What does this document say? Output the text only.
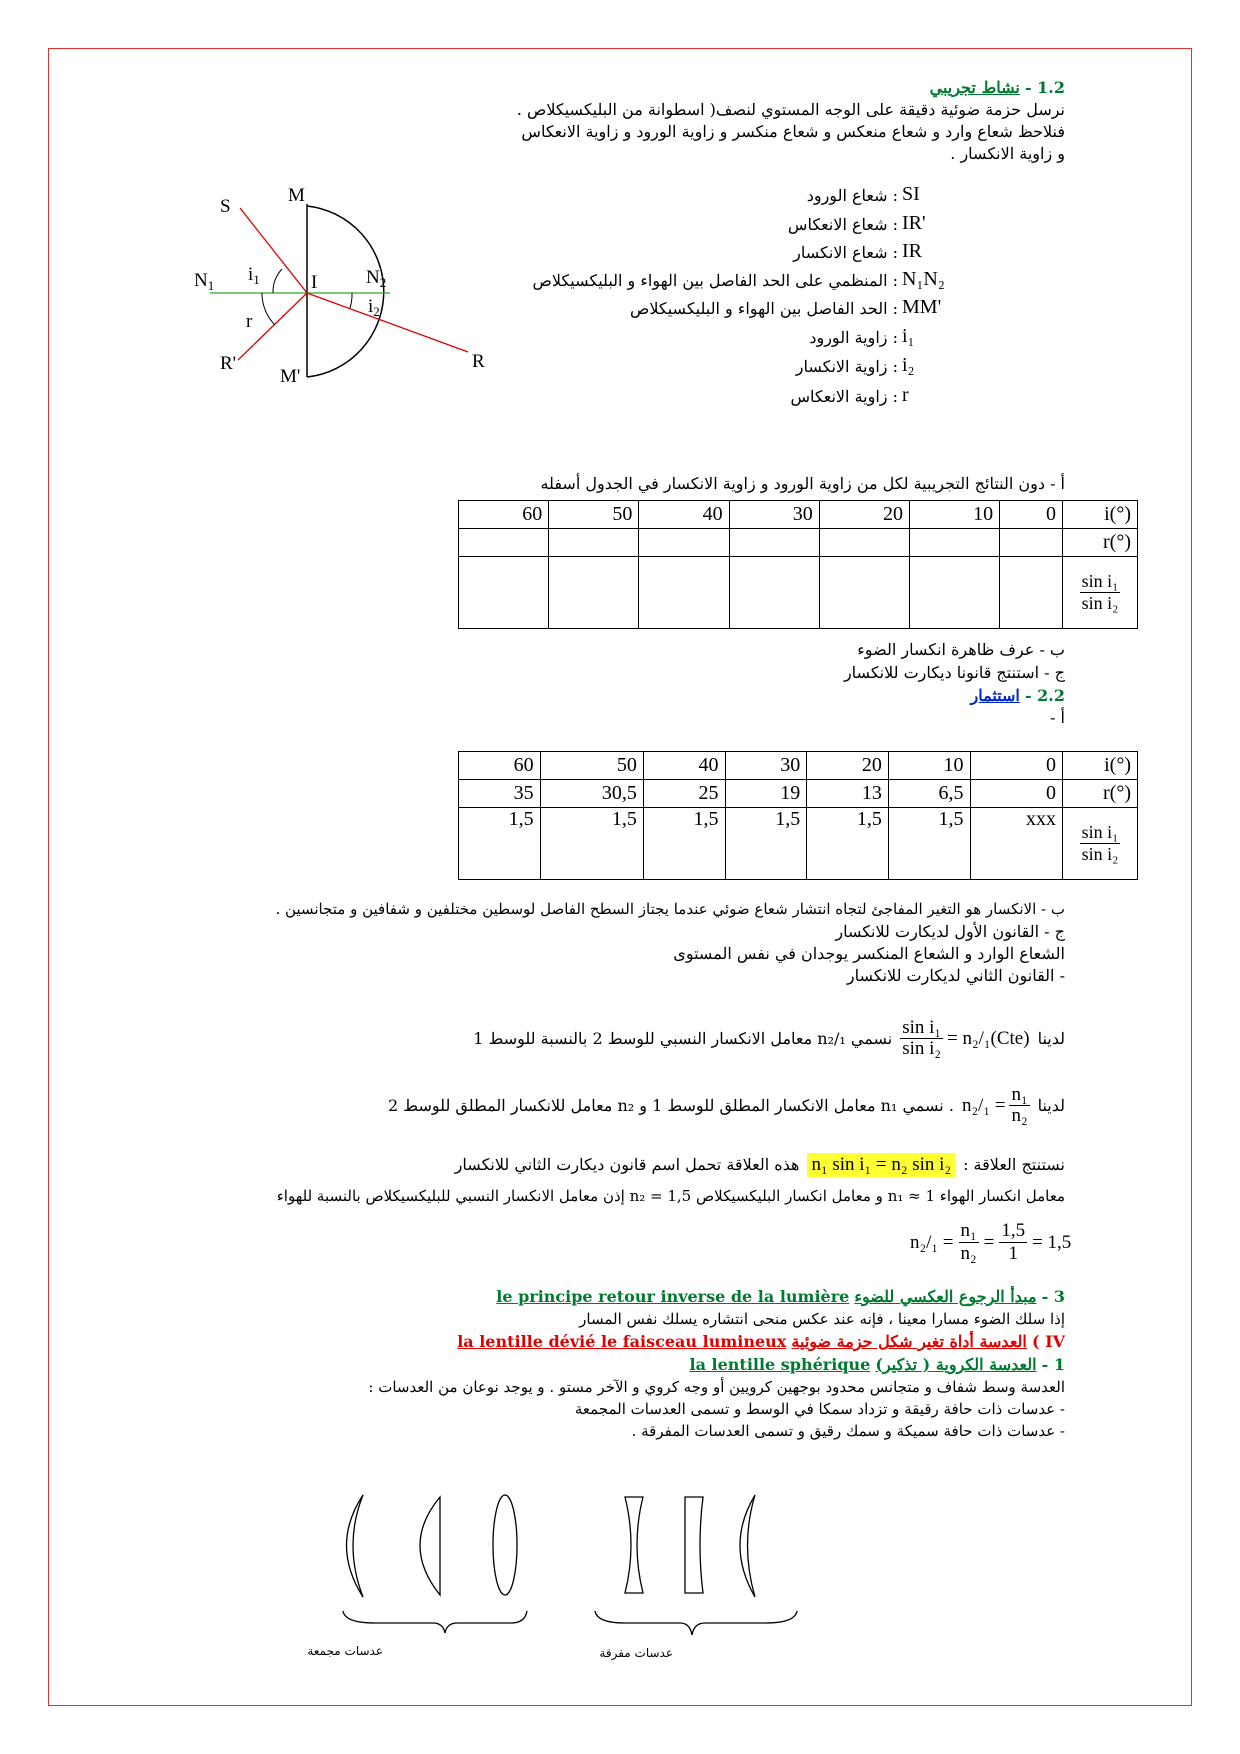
1.2 - نشاط تجريبي
نرسل حزمة ضوئية دقيقة على الوجه المستوي لنصف( اسطوانة من البليكسيكلاص .
فنلاحظ شعاع وارد و شعاع منعكس و شعاع منكسر و زاوية الورود و زاوية الانعكاس
و زاوية الانكسار .
S
M
$N_1$
$i_1$	I	$N_2$
$i_2$
r
R'
M'
R
SI
: شعاع الورود
IR'
: شعاع الانعكاس
IR
: شعاع الانكسار
N₁N₂
: المنظمي على الحد الفاصل بين الهواء و البليكسيكلاص
MM'
: الحد الفاصل بين الهواء و البليكسيكلاص
i₁
: زاوية الورود
i₂
: زاوية الانكسار
r
: زاوية الانعكاس
أ - دون النتائج التجريبية لكل من زاوية الورود و زاوية الانكسار في الجدول أسفله
60	50	40	30	20	10	0	i(°)
							r(°)

							$\frac{\text{sin i₁}}{\text{sin i₂}}$
ب - عرف ظاهرة انكسار الضوء
ج - استنتج قانونا ديكارت للانكسار
2.2 - استثمار
أ -
60	50	40	30	20	10	0	i(°)
35	30,5	25	19	13	6,5	0	r(°)
1,5	1,5	1,5	1,5	1,5	1,5	xxx	$\frac{\text{sin i₁}}{\text{sin i₂}}$
ب - الانكسار هو التغير المفاجئ لتجاه انتشار شعاع ضوئي عندما يجتاز السطح الفاصل لوسطين مختلفين و شفافين و متجانسين .
ج - القانون الأول لديكارت للانكسار
الشعاع الوارد و الشعاع المنكسر يوجدان في نفس المستوى
- القانون الثاني لديكارت للانكسار
لدينا
$\frac{\text{sin i₁}}{\text{sin i₂}} = n_2/_1(Cte)$
نسمي n₂/₁ معامل الانكسار النسبي للوسط 2 بالنسبة للوسط 1
لدينا
$n_2/_1 = \frac{\text{n₁}}{\text{n₂}}$
. نسمي n₁ معامل الانكسار المطلق للوسط 1 و n₂ معامل للانكسار المطلق للوسط 2
نستنتج العلاقة :
n₁ sin i₁ = n₂ sin i₂
هذه العلاقة تحمل اسم قانون ديكارت الثاني للانكسار
معامل انكسار الهواء n₁ ≈ 1 و معامل انكسار البليكسيكلاص n₂ = 1,5 إذن معامل الانكسار النسبي للبليكسيكلاص بالنسبة للهواء
$n_2/_1 = \frac{\text{n₁}}{\text{n₂}} = \frac{1,5}{1} = 1,5$
3 - مبدأ الرجوع العكسي للضوء le principe retour inverse de la lumière
إذا سلك الضوء مسارا معينا ، فإنه عند عكس منحى انتشاره يسلك نفس المسار
IV ) العدسة أداة تغير شكل حزمة ضوئية la lentille dévié le faisceau lumineux
1 - العدسة الكروية ( تذكير) la lentille sphérique
العدسة وسط شفاف و متجانس محدود بوجهين كرويين أو وجه كروي و الآخر مستو . و يوجد نوعان من العدسات :
- عدسات ذات حافة رقيقة و تزداد سمكا في الوسط و تسمى العدسات المجمعة
- عدسات ذات حافة سميكة و سمك رقيق و تسمى العدسات المفرقة .
عدسات مجمعة	عدسات مفرقة
